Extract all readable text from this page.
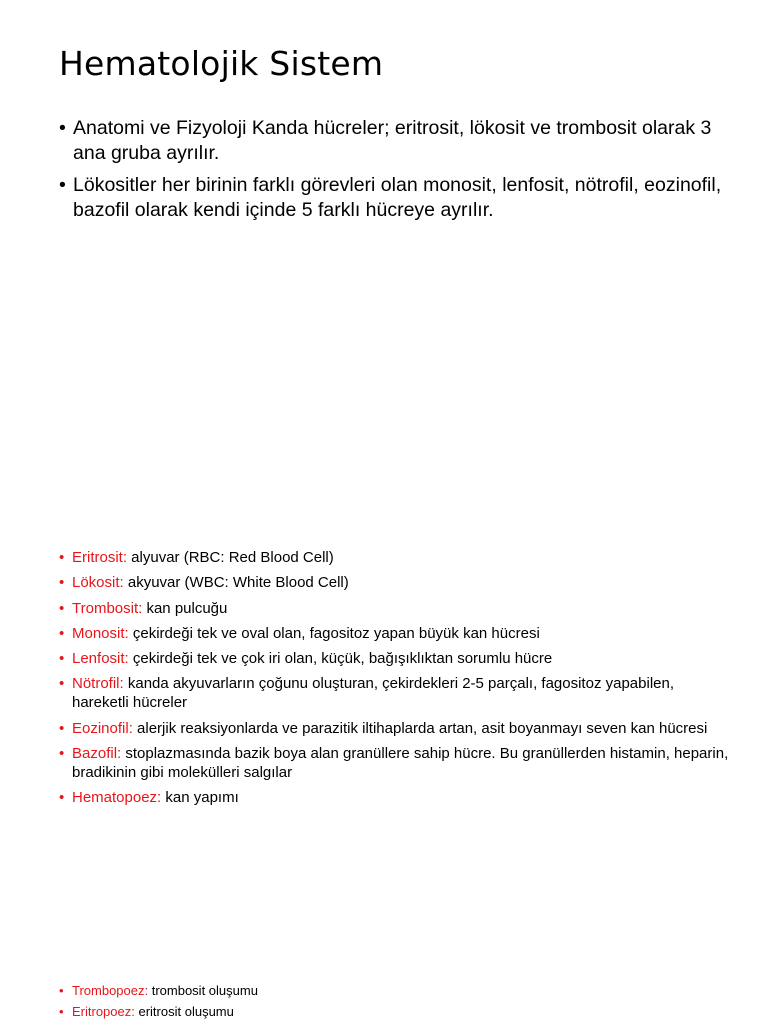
Hematolojik Sistem
• Anatomi ve Fizyoloji Kanda hücreler; eritrosit, lökosit ve trombosit olarak 3 ana gruba ayrılır.
• Lökositler her birinin farklı görevleri olan monosit, lenfosit, nötrofil, eozinofil, bazofil olarak kendi içinde 5 farklı hücreye ayrılır.
• Eritrosit: alyuvar (RBC: Red Blood Cell)
• Lökosit: akyuvar (WBC: White Blood Cell)
• Trombosit: kan pulcuğu
• Monosit: çekirdeği tek ve oval olan, fagositoz yapan büyük kan hücresi
• Lenfosit: çekirdeği tek ve çok iri olan, küçük, bağışıklıktan sorumlu hücre
• Nötrofil: kanda akyuvarların çoğunu oluşturan, çekirdekleri 2-5 parçalı, fagositoz yapabilen, hareketli hücreler
• Eozinofil: alerjik reaksiyonlarda ve parazitik iltihaplarda artan, asit boyanmayı seven kan hücresi
• Bazofil: stoplazmasında bazik boya alan granüllere sahip hücre. Bu granüllerden histamin, heparin, bradikinin gibi molekülleri salgılar
• Hematopoez: kan yapımı
• Trombopoez: trombosit oluşumu
• Eritropoez: eritrosit oluşumu
